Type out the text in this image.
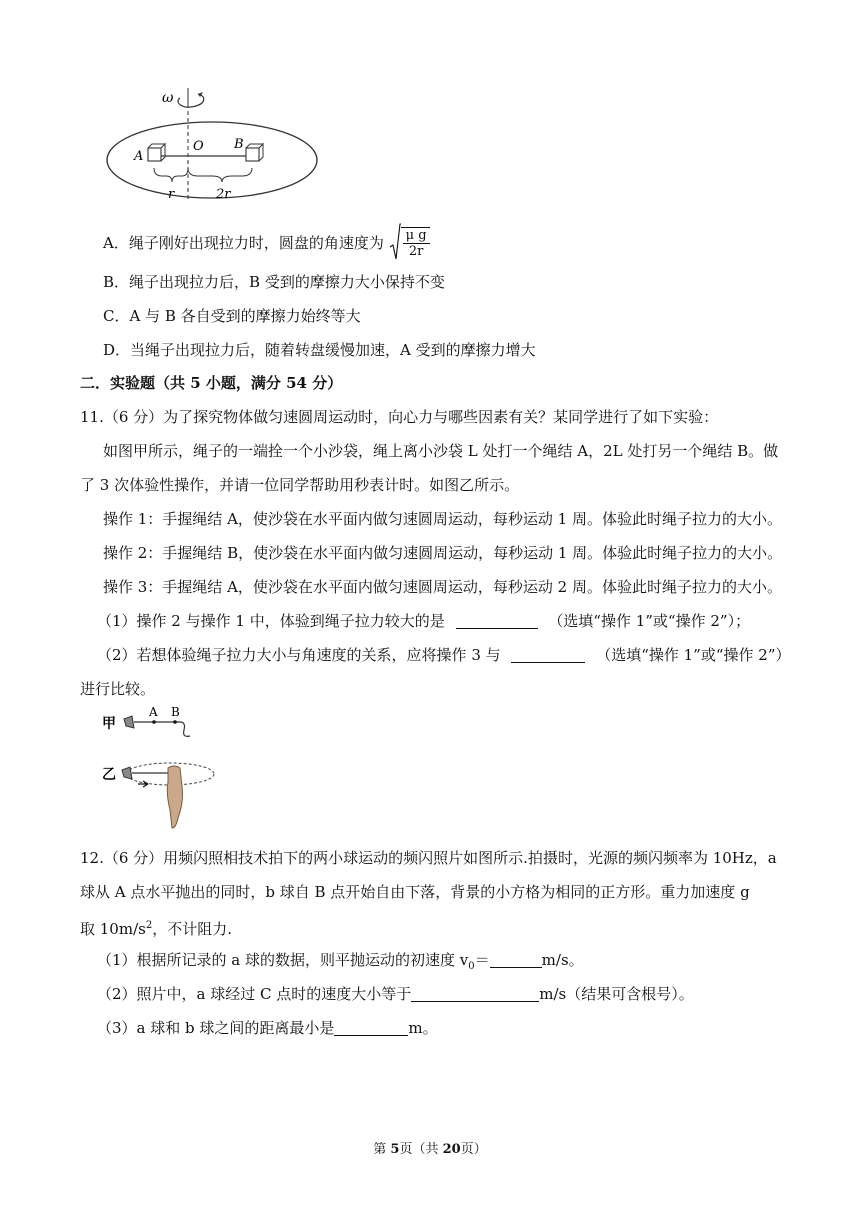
ω
A
O B
r	2r
A．绳子刚好出现拉力时，圆盘的角速度为 $\frac{\text{μ g}}{2r}$
B．绳子出现拉力后，B 受到的摩擦力大小保持不变
C．A 与 B 各自受到的摩擦力始终等大
D．当绳子出现拉力后，随着转盘缓慢加速，A 受到的摩擦力增大
二．实验题（共 5 小题，满分 54 分）
11.（6 分）为了探究物体做匀速圆周运动时，向心力与哪些因素有关？某同学进行了如下实验：
如图甲所示，绳子的一端拴一个小沙袋，绳上离小沙袋 L 处打一个绳结 A，2L 处打另一个绳结 B。做
了 3 次体验性操作，并请一位同学帮助用秒表计时。如图乙所示。
操作 1：手握绳结 A，使沙袋在水平面内做匀速圆周运动，每秒运动 1 周。体验此时绳子拉力的大小。
操作 2：手握绳结 B，使沙袋在水平面内做匀速圆周运动，每秒运动 1 周。体验此时绳子拉力的大小。
操作 3：手握绳结 A，使沙袋在水平面内做匀速圆周运动，每秒运动 2 周。体验此时绳子拉力的大小。
（1）操作 2 与操作 1 中，体验到绳子拉力较大的是	（选填“操作 1”或“操作 2”）；
（2）若想体验绳子拉力大小与角速度的关系，应将操作 3 与	（选填“操作 1”或“操作 2”）
进行比较。
甲
A B
乙
12.（6 分）用频闪照相技术拍下的两小球运动的频闪照片如图所示.拍摄时，光源的频闪频率为 10Hz，a
球从 A 点水平抛出的同时，b 球自 B 点开始自由下落，背景的小方格为相同的正方形。重力加速度 g
取 $10m/s^2$，不计阻力.
（1）根据所记录的 a 球的数据，则平抛运动的初速度 $v_0=$	m/s。
（2）照片中，a 球经过 C 点时的速度大小等于	m/s（结果可含根号）。
（3）a 球和 b 球之间的距离最小是	m。
第 5页（共 20页）
